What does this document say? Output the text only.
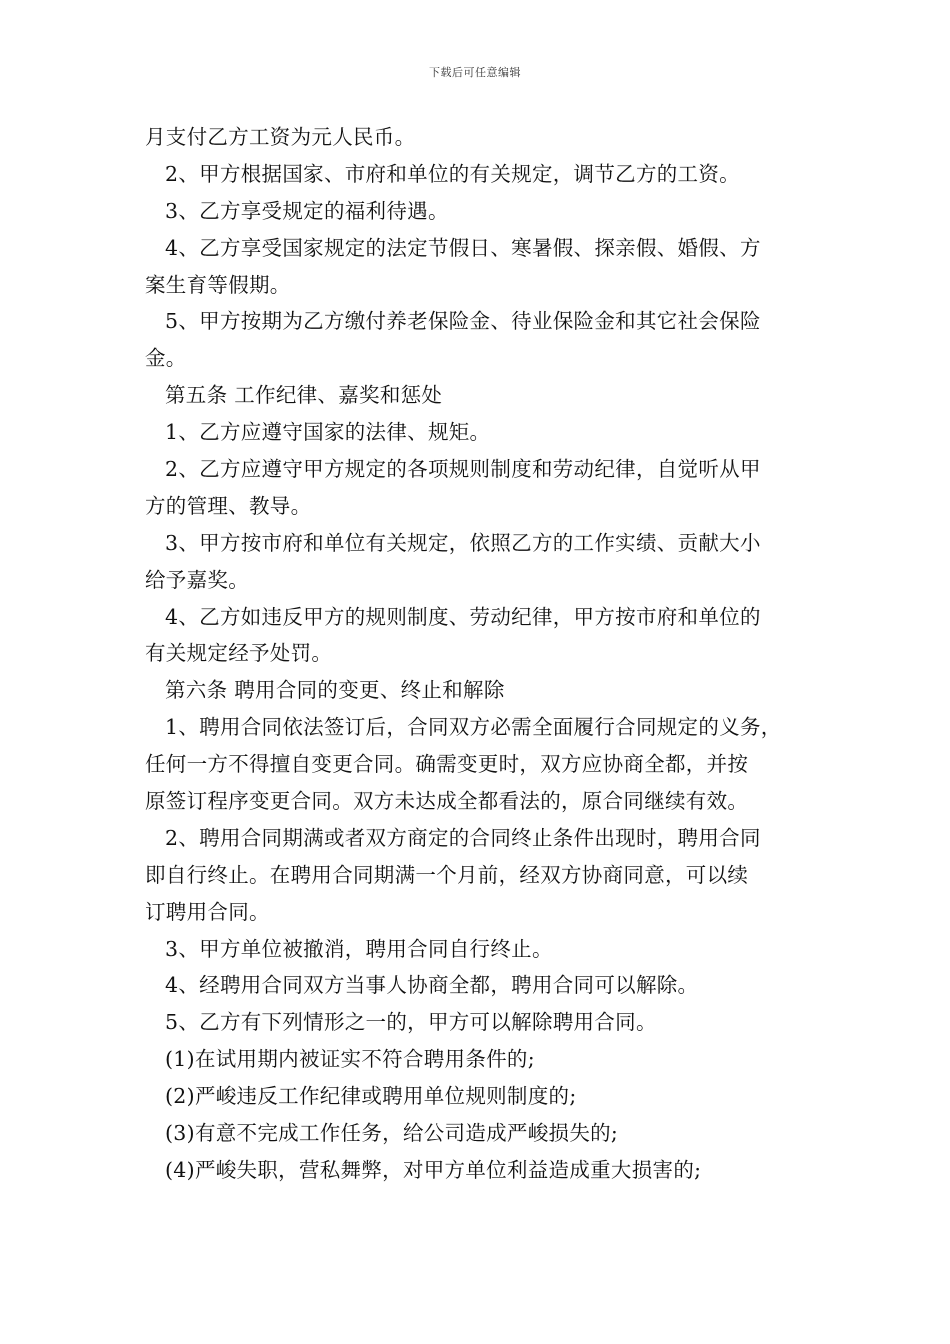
下载后可任意编辑
月支付乙方工资为元人民币。
2、甲方根据国家、市府和单位的有关规定，调节乙方的工资。
3、乙方享受规定的福利待遇。
4、乙方享受国家规定的法定节假日、寒暑假、探亲假、婚假、方
案生育等假期。
5、甲方按期为乙方缴付养老保险金、待业保险金和其它社会保险
金。
第五条 工作纪律、嘉奖和惩处
1、乙方应遵守国家的法律、规矩。
2、乙方应遵守甲方规定的各项规则制度和劳动纪律，自觉听从甲
方的管理、教导。
3、甲方按市府和单位有关规定，依照乙方的工作实绩、贡献大小
给予嘉奖。
4、乙方如违反甲方的规则制度、劳动纪律，甲方按市府和单位的
有关规定经予处罚。
第六条 聘用合同的变更、终止和解除
1、聘用合同依法签订后，合同双方必需全面履行合同规定的义务，
任何一方不得擅自变更合同。确需变更时，双方应协商全都，并按
原签订程序变更合同。双方未达成全都看法的，原合同继续有效。
2、聘用合同期满或者双方商定的合同终止条件出现时，聘用合同
即自行终止。在聘用合同期满一个月前，经双方协商同意，可以续
订聘用合同。
3、甲方单位被撤消，聘用合同自行终止。
4、经聘用合同双方当事人协商全都，聘用合同可以解除。
5、乙方有下列情形之一的，甲方可以解除聘用合同。
(1)在试用期内被证实不符合聘用条件的;
(2)严峻违反工作纪律或聘用单位规则制度的;
(3)有意不完成工作任务，给公司造成严峻损失的;
(4)严峻失职，营私舞弊，对甲方单位利益造成重大损害的;
